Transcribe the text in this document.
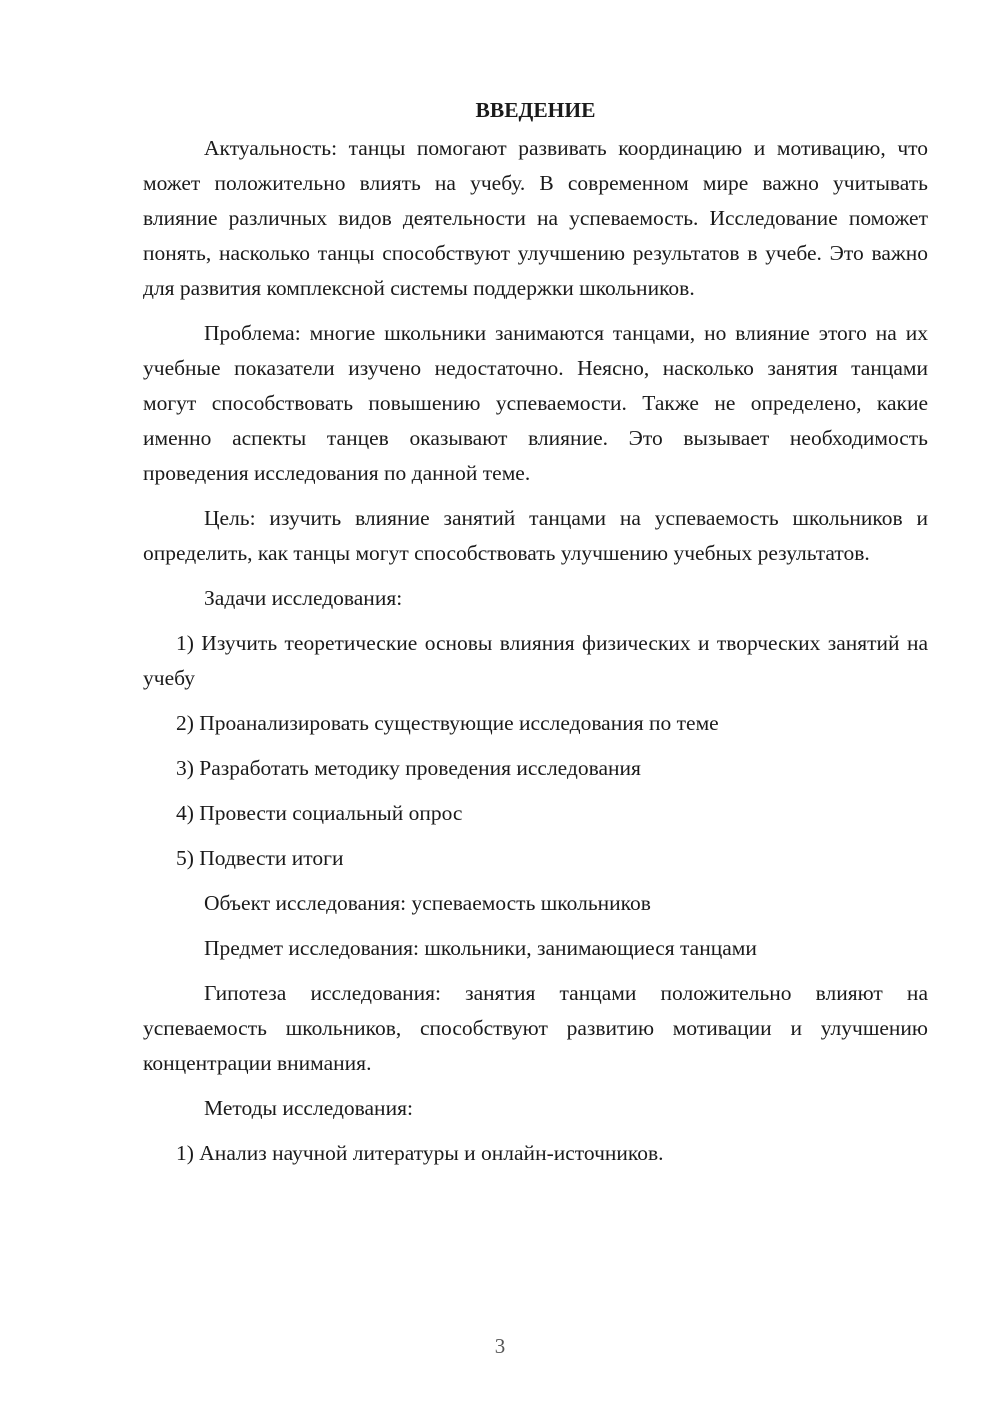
ВВЕДЕНИЕ
Актуальность: танцы помогают развивать координацию и мотивацию, что может положительно влиять на учебу. В современном мире важно учитывать влияние различных видов деятельности на успеваемость. Исследование поможет понять, насколько танцы способствуют улучшению результатов в учебе. Это важно для развития комплексной системы поддержки школьников.
Проблема: многие школьники занимаются танцами, но влияние этого на их учебные показатели изучено недостаточно. Неясно, насколько занятия танцами могут способствовать повышению успеваемости. Также не определено, какие именно аспекты танцев оказывают влияние. Это вызывает необходимость проведения исследования по данной теме.
Цель: изучить влияние занятий танцами на успеваемость школьников и определить, как танцы могут способствовать улучшению учебных результатов.
Задачи исследования:
1) Изучить теоретические основы влияния физических и творческих занятий на учебу
2) Проанализировать существующие исследования по теме
3) Разработать методику проведения исследования
4) Провести социальный опрос
5) Подвести итоги
Объект исследования: успеваемость школьников
Предмет исследования: школьники, занимающиеся танцами
Гипотеза исследования: занятия танцами положительно влияют на успеваемость школьников, способствуют развитию мотивации и улучшению концентрации внимания.
Методы исследования:
1) Анализ научной литературы и онлайн-источников.
3
